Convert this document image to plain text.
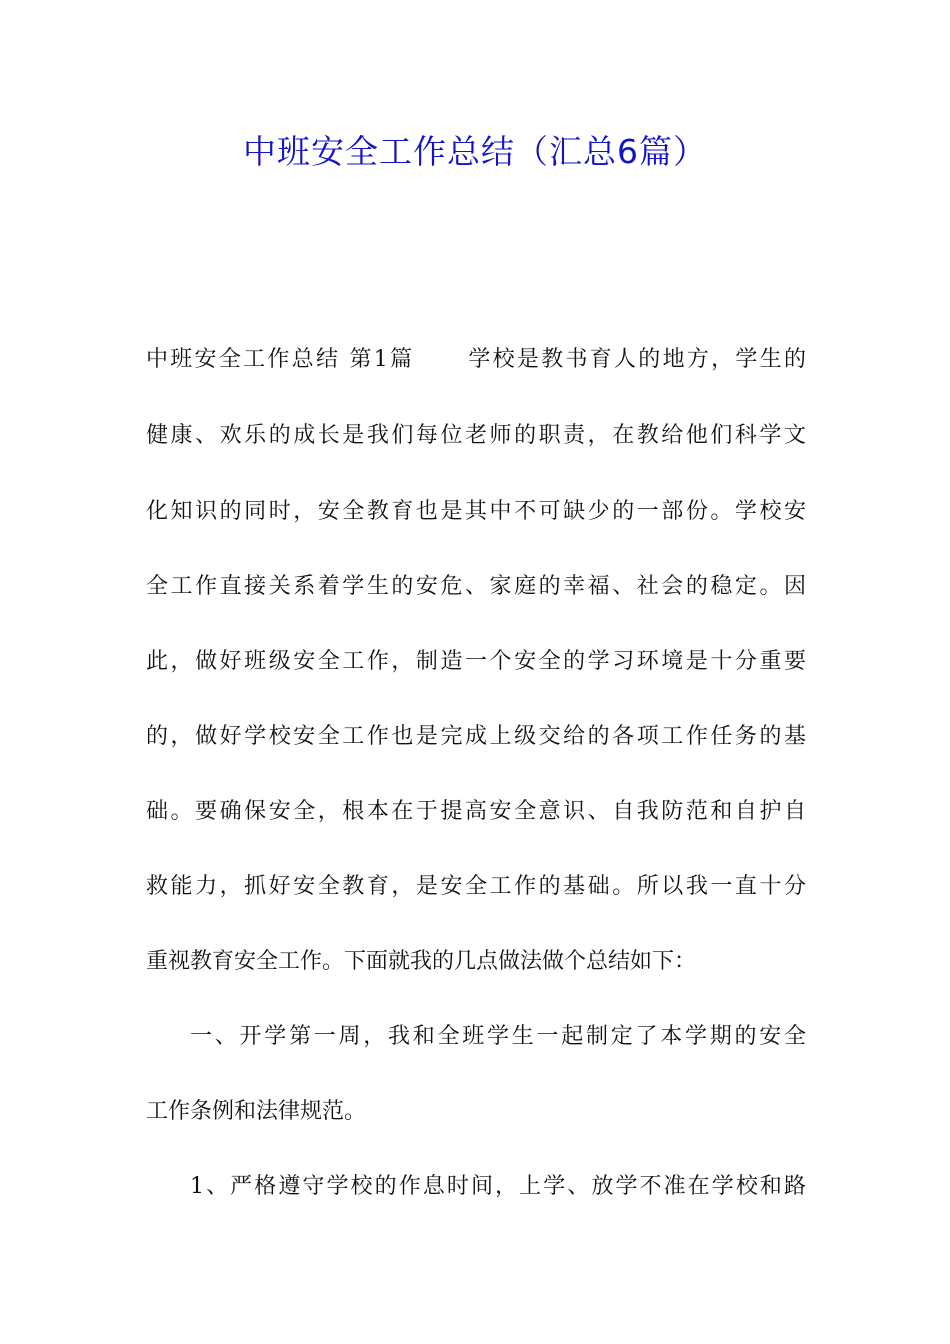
中班安全工作总结（汇总6篇）
中班安全工作总结 第1篇 学校是教书育人的地方，学生的
健康、欢乐的成长是我们每位老师的职责，在教给他们科学文
化知识的同时，安全教育也是其中不可缺少的一部份。学校安
全工作直接关系着学生的安危、家庭的幸福、社会的稳定。因
此，做好班级安全工作，制造一个安全的学习环境是十分重要
的，做好学校安全工作也是完成上级交给的各项工作任务的基
础。要确保安全，根本在于提高安全意识、自我防范和自护自
救能力，抓好安全教育，是安全工作的基础。所以我一直十分
重视教育安全工作。下面就我的几点做法做个总结如下：
一、开学第一周，我和全班学生一起制定了本学期的安全
工作条例和法律规范。
1、严格遵守学校的作息时间，上学、放学不准在学校和路
